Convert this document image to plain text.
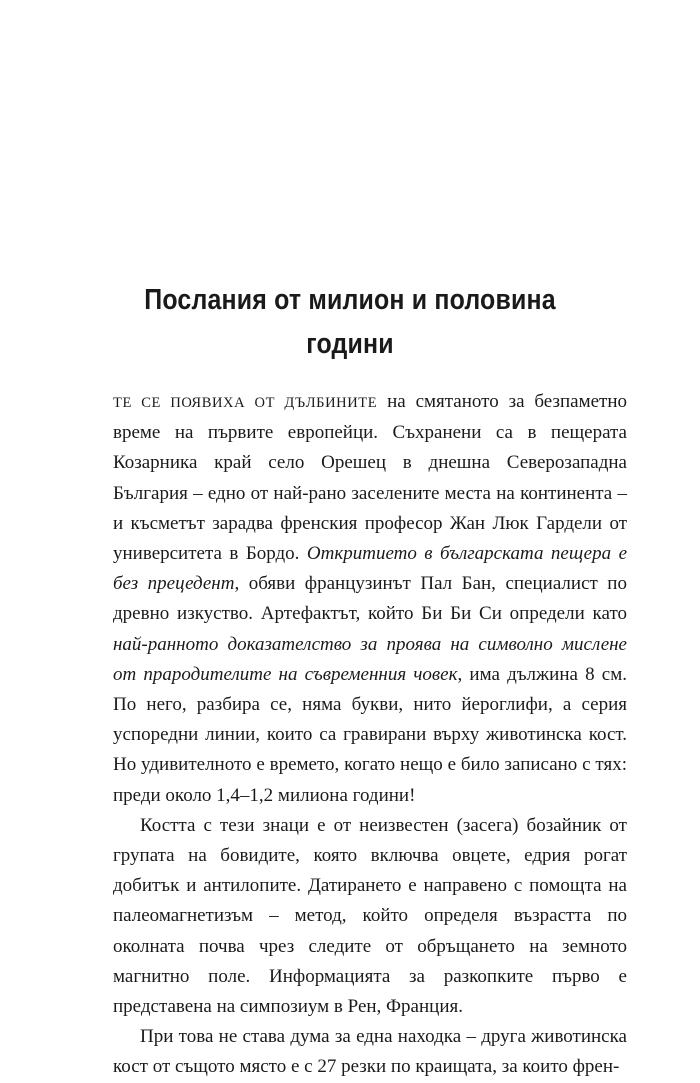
Послания от милион и половина
години

ТЕ СЕ ПОЯВИХА ОТ ДЪЛБИНИТЕ на смятаното за безпаметно време на първите европейци. Съхранени са в пещерата Козарника край село Орешец в днешна Северозападна България – едно от най-рано заселените места на континента – и късметът зарадва френския професор Жан Люк Гардели от университета в Бордо. Откритието в българската пещера е без прецедент, обяви французинът Пал Бан, специалист по древно изкуство. Артефактът, който Би Би Си определи като най-ранното доказателство за проява на символно мислене от прародителите на съвременния човек, има дължина 8 см. По него, разбира се, няма букви, нито йероглифи, а серия успоредни линии, които са гравирани върху животинска кост. Но удивителното е времето, когато нещо е било записано с тях: преди около 1,4–1,2 милиона години!

Костта с тези знаци е от неизвестен (засега) бозайник от групата на бовидите, която включва овцете, едрия рогат добитък и антилопите. Датирането е направено с помощта на палеомагнетизъм – метод, който определя възрастта по околната почва чрез следите от обръщането на земното магнитно поле. Информацията за разкопките първо е представена на симпозиум в Рен, Франция.

При това не става дума за една находка – друга животинска кост от същото място е с 27 резки по краищата, за които френ-
